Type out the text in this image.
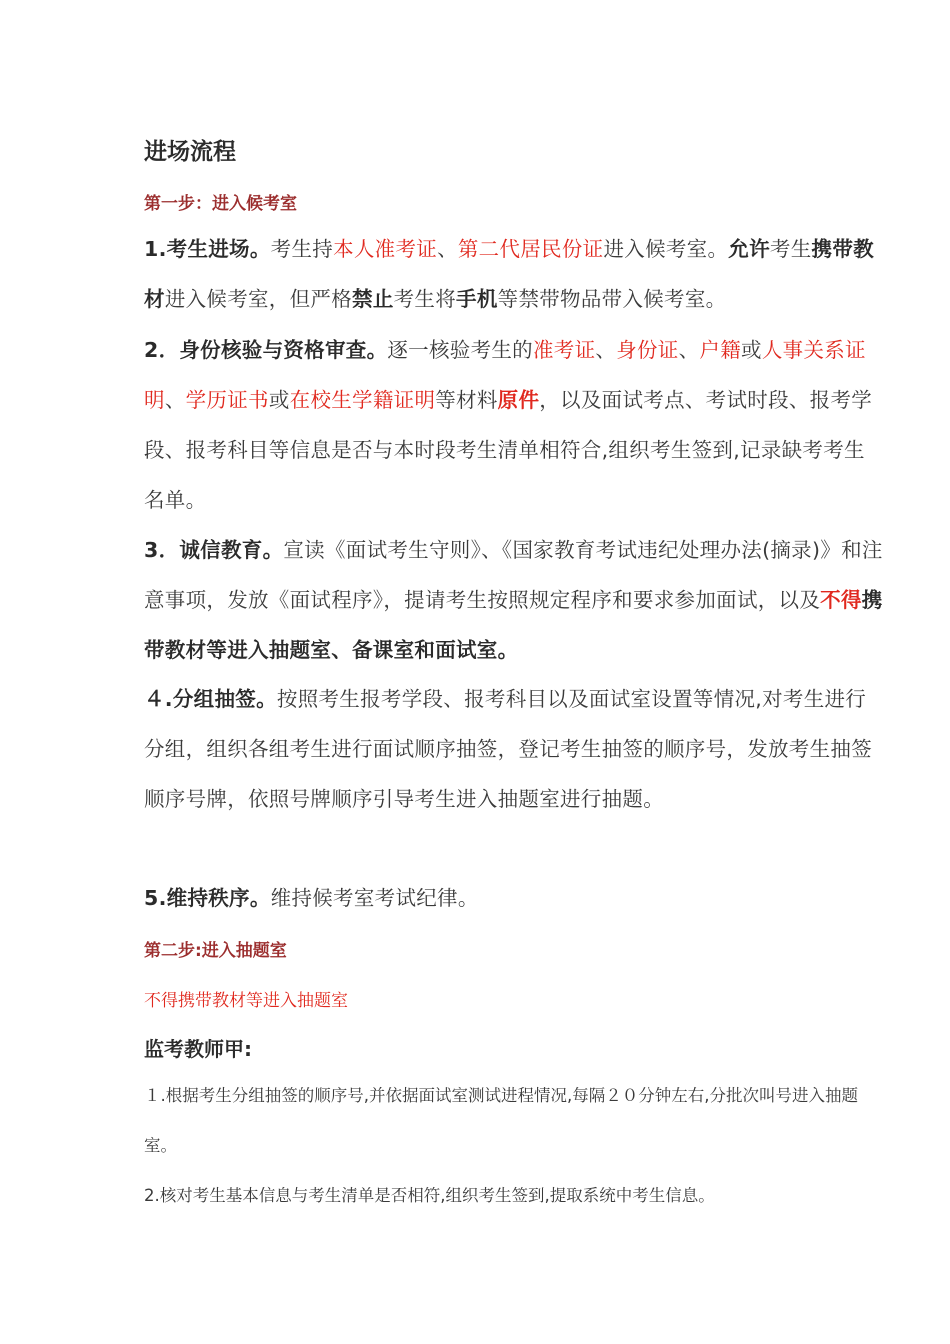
进场流程
第一步：进入候考室

1.考生进场。考生持本人准考证、第二代居民份证进入候考室。允许考生携带教材进入候考室，但严格禁止考生将手机等禁带物品带入候考室。

2．身份核验与资格审查。逐一核验考生的准考证、身份证、户籍或人事关系证明、学历证书或在校生学籍证明等材料原件，以及面试考点、考试时段、报考学段、报考科目等信息是否与本时段考生清单相符合,组织考生签到,记录缺考考生名单。

3．诚信教育。宣读《面试考生守则》、《国家教育考试违纪处理办法(摘录)》和注意事项，发放《面试程序》，提请考生按照规定程序和要求参加面试，以及不得携带教材等进入抽题室、备课室和面试室。

４.分组抽签。按照考生报考学段、报考科目以及面试室设置等情况,对考生进行分组，组织各组考生进行面试顺序抽签，登记考生抽签的顺序号，发放考生抽签顺序号牌，依照号牌顺序引导考生进入抽题室进行抽题。

5.维持秩序。维持候考室考试纪律。

第二步:进入抽题室

不得携带教材等进入抽题室

监考教师甲:

１.根据考生分组抽签的顺序号,并依据面试室测试进程情况,每隔２０分钟左右,分批次叫号进入抽题室。

2.核对考生基本信息与考生清单是否相符,组织考生签到,提取系统中考生信息。
